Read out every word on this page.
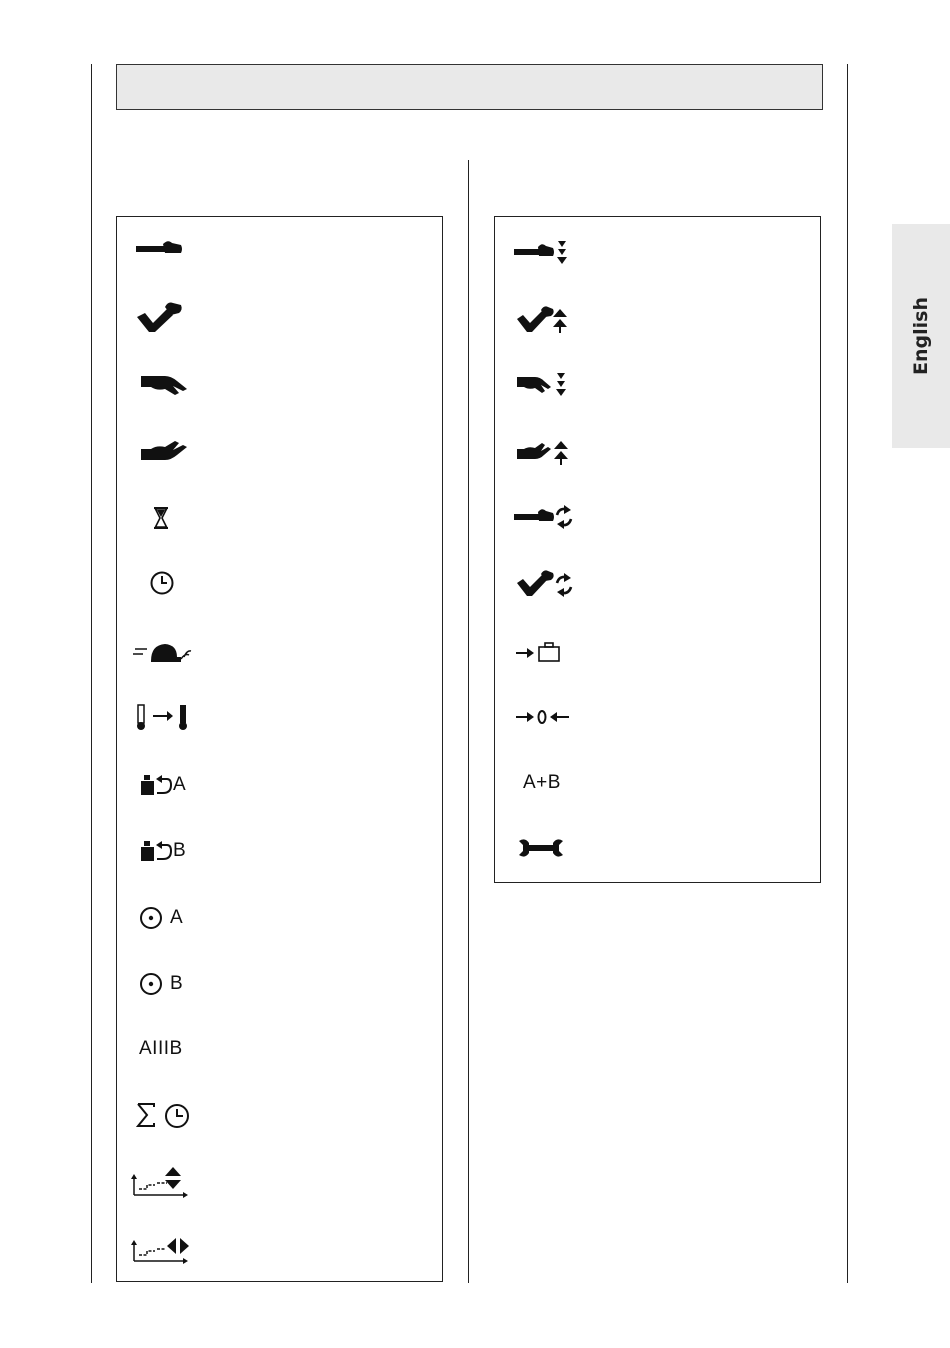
English
A
B
A
B
AIIIB
A+B
